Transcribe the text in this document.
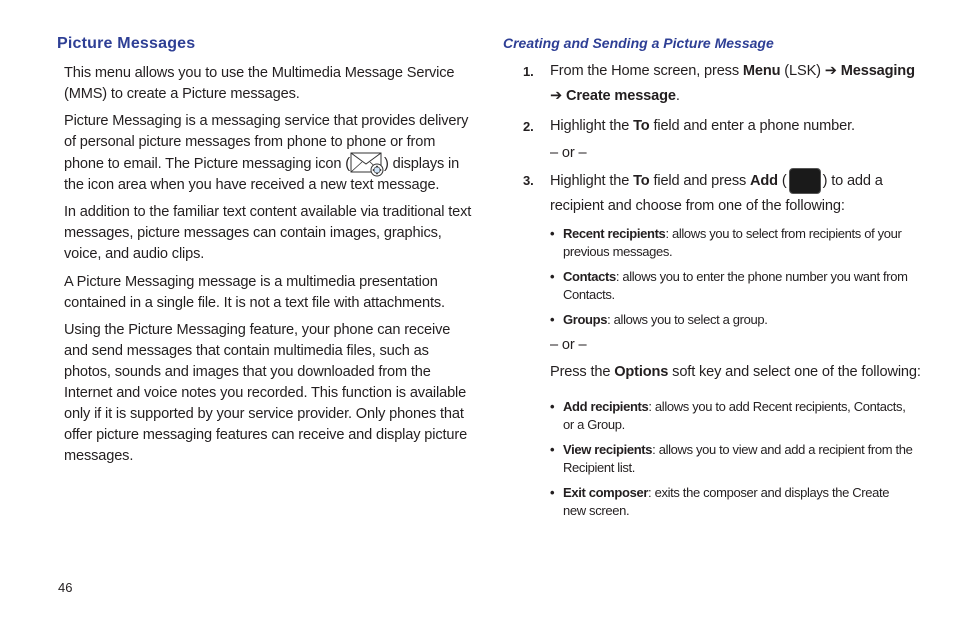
Picture Messages

This menu allows you to use the Multimedia Message Service (MMS) to create a Picture messages.

Picture Messaging is a messaging service that provides delivery of personal picture messages from phone to phone or from phone to email. The Picture messaging icon ( ) displays in the icon area when you have received a new text message.

In addition to the familiar text content available via traditional text messages, picture messages can contain images, graphics, voice, and audio clips.

A Picture Messaging message is a multimedia presentation contained in a single file. It is not a text file with attachments.

Using the Picture Messaging feature, your phone can receive and send messages that contain multimedia files, such as photos, sounds and images that you downloaded from the Internet and voice notes you recorded. This function is available only if it is supported by your service provider. Only phones that offer picture messaging features can receive and display picture messages.

Creating and Sending a Picture Message
1. From the Home screen, press Menu (LSK) ➔ Messaging
➔ Create message.
2. Highlight the To field and enter a phone number.
– or –
3. Highlight the To field and press Add ( ) to add a recipient and choose from one of the following:
• Recent recipients: allows you to select from recipients of your previous messages.
• Contacts: allows you to enter the phone number you want from Contacts.
• Groups: allows you to select a group.
– or –
Press the Options soft key and select one of the following:
• Add recipients: allows you to add Recent recipients, Contacts, or a Group.
• View recipients: allows you to view and add a recipient from the Recipient list.
• Exit composer: exits the composer and displays the Create new screen.
46
